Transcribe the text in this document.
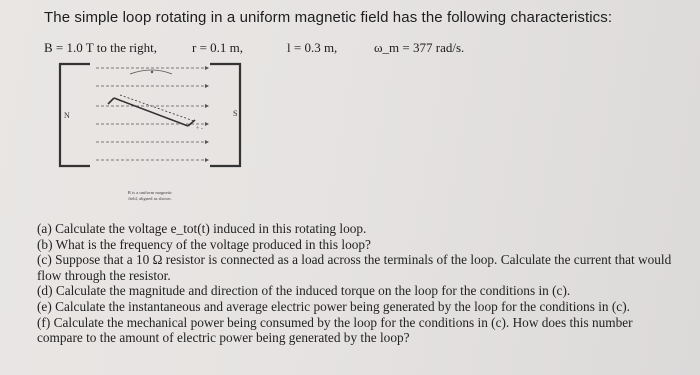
The simple loop rotating in a uniform magnetic field has the following characteristics:
B = 1.0 T to the right,	r = 0.1 m,	l = 0.3 m,	ω_m = 377 rad/s.
N	S
+ -
B is a uniform magnetic
field, aligned as shown.

(a) Calculate the voltage e_tot(t) induced in this rotating loop.

(b) What is the frequency of the voltage produced in this loop?

(c) Suppose that a 10 Ω resistor is connected as a load across the terminals of the loop. Calculate the current that would flow through the resistor.

(d) Calculate the magnitude and direction of the induced torque on the loop for the conditions in (c).

(e) Calculate the instantaneous and average electric power being generated by the loop for the conditions in (c).

(f) Calculate the mechanical power being consumed by the loop for the conditions in (c). How does this number compare to the amount of electric power being generated by the loop?
